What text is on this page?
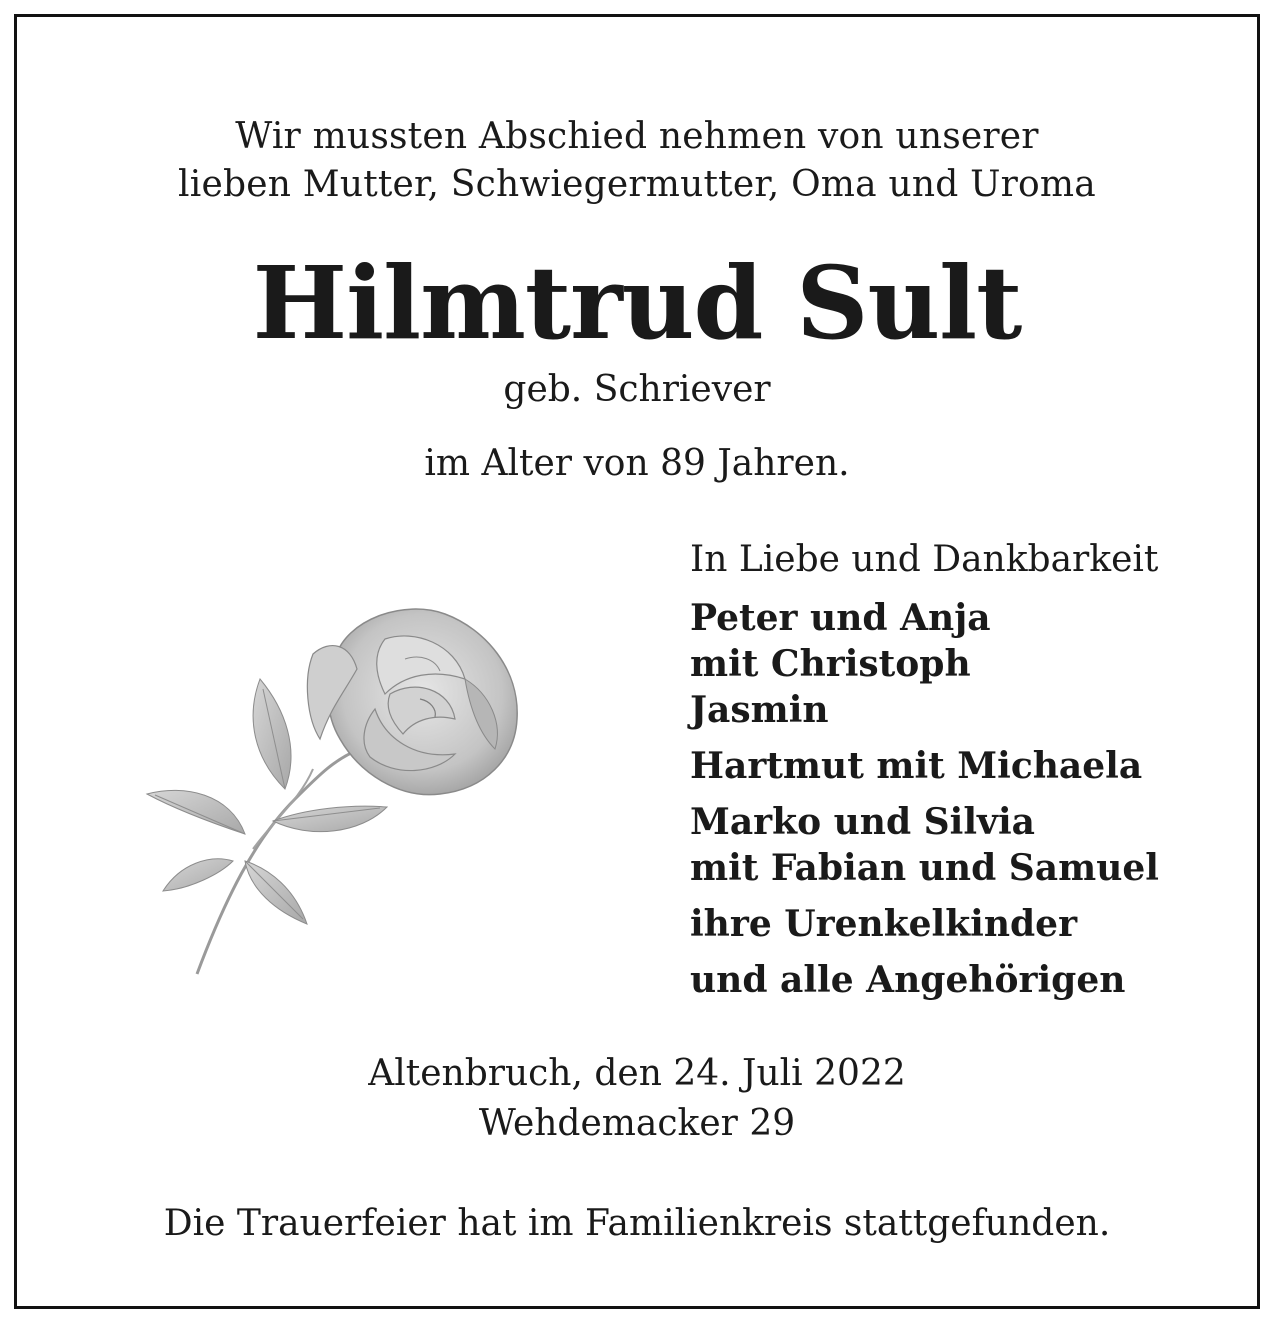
Wir mussten Abschied nehmen von unserer
lieben Mutter, Schwiegermutter, Oma und Uroma
Hilmtrud Sult
geb. Schriever
im Alter von 89 Jahren.
In Liebe und Dankbarkeit
Peter und Anja
mit Christoph
Jasmin
Hartmut mit Michaela
Marko und Silvia
mit Fabian und Samuel
ihre Urenkelkinder
und alle Angehörigen
Altenbruch, den 24. Juli 2022
Wehdemacker 29
Die Trauerfeier hat im Familienkreis stattgefunden.
